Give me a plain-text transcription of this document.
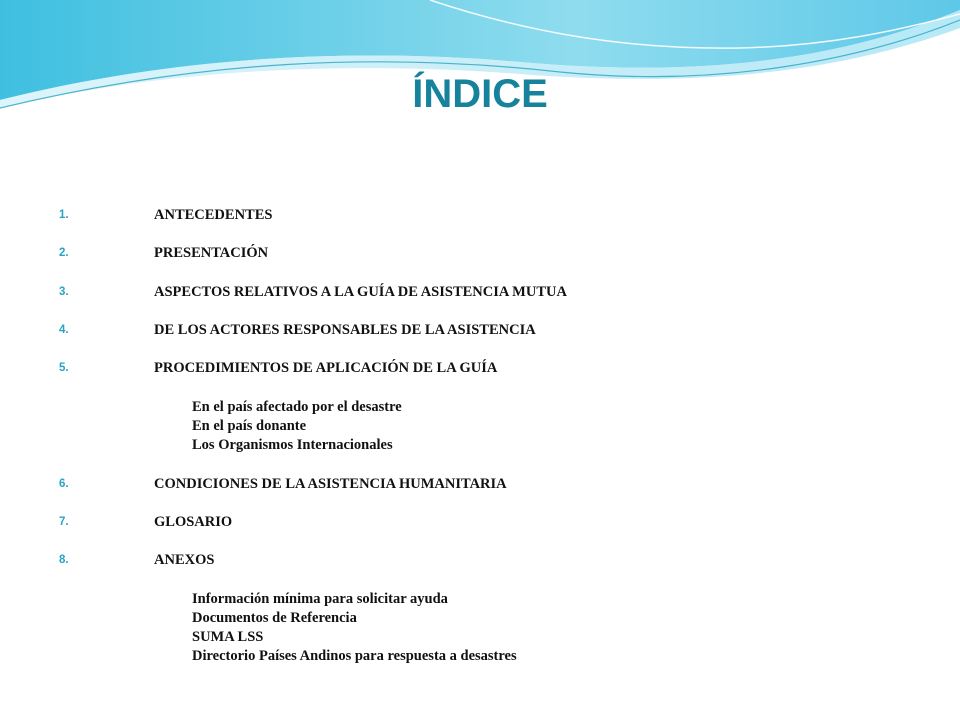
ÍNDICE
1.	ANTECEDENTES
2.	PRESENTACIÓN
3.	ASPECTOS RELATIVOS A LA GUÍA DE ASISTENCIA MUTUA
4.	DE LOS ACTORES RESPONSABLES DE LA ASISTENCIA
5.	PROCEDIMIENTOS DE APLICACIÓN DE LA GUÍA
En el país afectado por el desastre
En el país donante
Los Organismos Internacionales
6.	CONDICIONES DE LA ASISTENCIA HUMANITARIA
7.	GLOSARIO
8.	ANEXOS
Información mínima para solicitar ayuda
Documentos de Referencia
SUMA LSS
Directorio Países Andinos para respuesta a desastres
